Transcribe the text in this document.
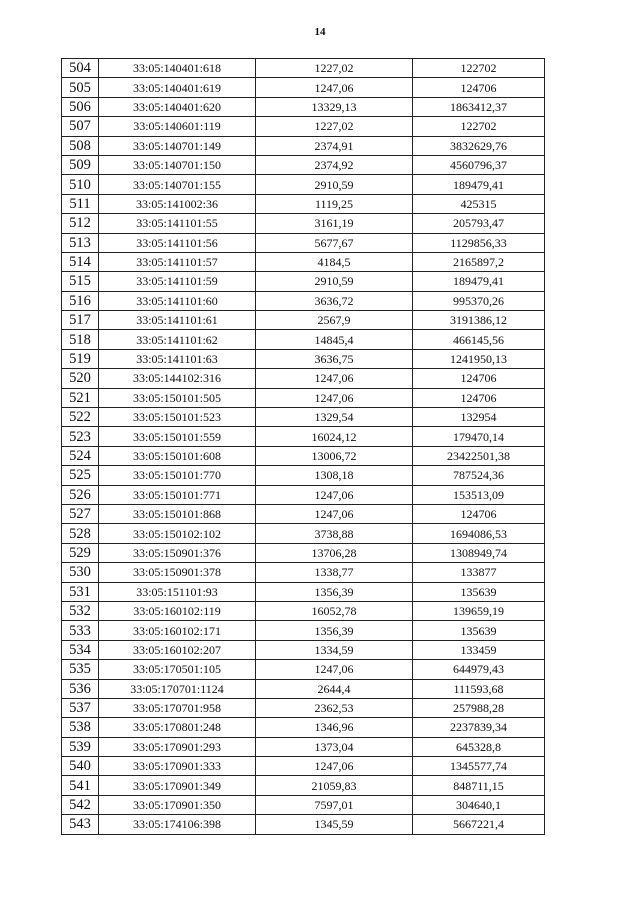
14
504	33:05:140401:618	1227,02	122702
505	33:05:140401:619	1247,06	124706
506	33:05:140401:620	13329,13	1863412,37
507	33:05:140601:119	1227,02	122702
508	33:05:140701:149	2374,91	3832629,76
509	33:05:140701:150	2374,92	4560796,37
510	33:05:140701:155	2910,59	189479,41
511	33:05:141002:36	1119,25	425315
512	33:05:141101:55	3161,19	205793,47
513	33:05:141101:56	5677,67	1129856,33
514	33:05:141101:57	4184,5	2165897,2
515	33:05:141101:59	2910,59	189479,41
516	33:05:141101:60	3636,72	995370,26
517	33:05:141101:61	2567,9	3191386,12
518	33:05:141101:62	14845,4	466145,56
519	33:05:141101:63	3636,75	1241950,13
520	33:05:144102:316	1247,06	124706
521	33:05:150101:505	1247,06	124706
522	33:05:150101:523	1329,54	132954
523	33:05:150101:559	16024,12	179470,14
524	33:05:150101:608	13006,72	23422501,38
525	33:05:150101:770	1308,18	787524,36
526	33:05:150101:771	1247,06	153513,09
527	33:05:150101:868	1247,06	124706
528	33:05:150102:102	3738,88	1694086,53
529	33:05:150901:376	13706,28	1308949,74
530	33:05:150901:378	1338,77	133877
531	33:05:151101:93	1356,39	135639
532	33:05:160102:119	16052,78	139659,19
533	33:05:160102:171	1356,39	135639
534	33:05:160102:207	1334,59	133459
535	33:05:170501:105	1247,06	644979,43
536	33:05:170701:1124	2644,4	111593,68
537	33:05:170701:958	2362,53	257988,28
538	33:05:170801:248	1346,96	2237839,34
539	33:05:170901:293	1373,04	645328,8
540	33:05:170901:333	1247,06	1345577,74
541	33:05:170901:349	21059,83	848711,15
542	33:05:170901:350	7597,01	304640,1
543	33:05:174106:398	1345,59	5667221,4
